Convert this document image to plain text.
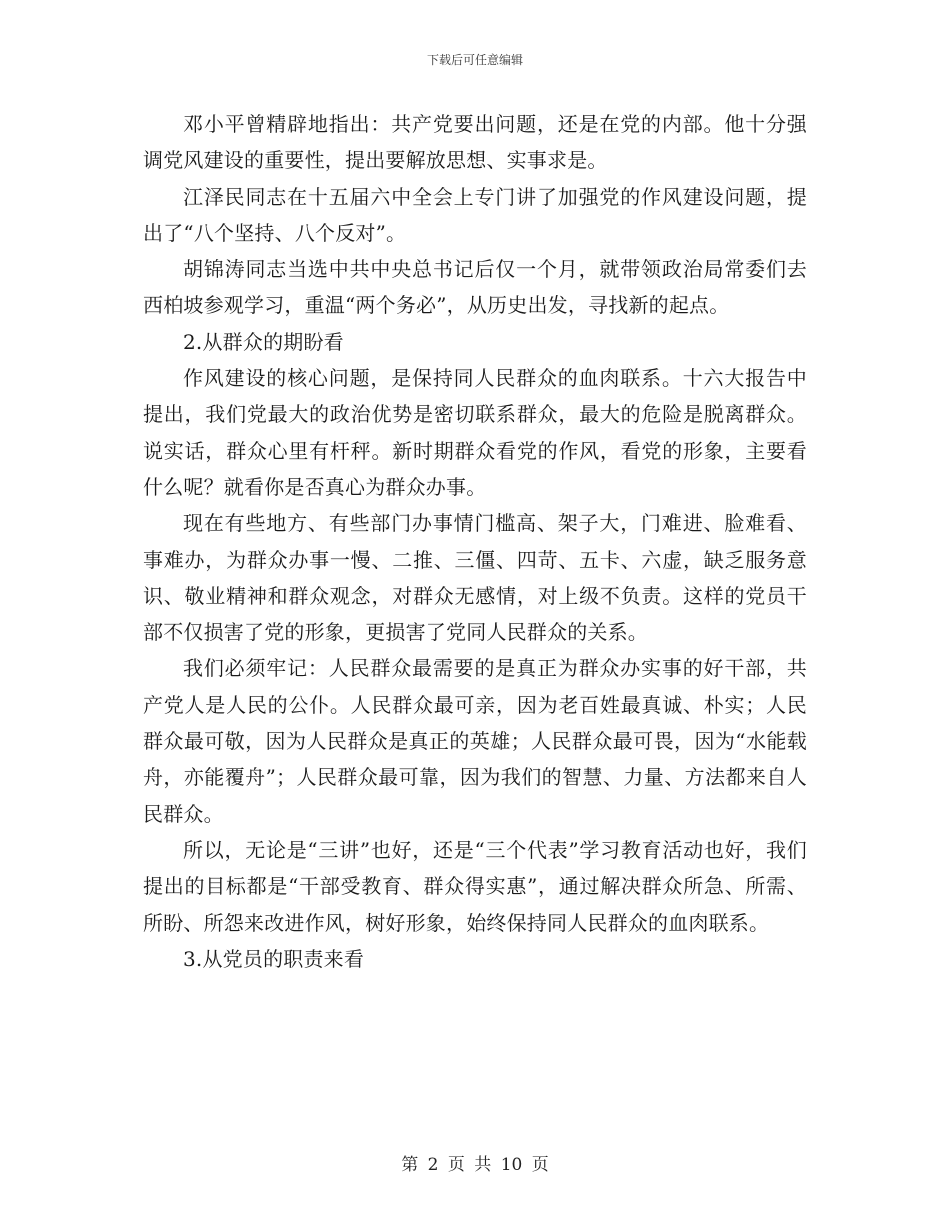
下载后可任意编辑

邓小平曾精辟地指出：共产党要出问题，还是在党的内部。他十分强调党风建设的重要性，提出要解放思想、实事求是。

江泽民同志在十五届六中全会上专门讲了加强党的作风建设问题，提出了“八个坚持、八个反对”。

胡锦涛同志当选中共中央总书记后仅一个月，就带领政治局常委们去西柏坡参观学习，重温“两个务必”，从历史出发，寻找新的起点。

2.从群众的期盼看

作风建设的核心问题，是保持同人民群众的血肉联系。十六大报告中提出，我们党最大的政治优势是密切联系群众，最大的危险是脱离群众。说实话，群众心里有杆秤。新时期群众看党的作风，看党的形象，主要看什么呢？就看你是否真心为群众办事。

现在有些地方、有些部门办事情门槛高、架子大，门难进、脸难看、事难办，为群众办事一慢、二推、三僵、四苛、五卡、六虚，缺乏服务意识、敬业精神和群众观念，对群众无感情，对上级不负责。这样的党员干部不仅损害了党的形象，更损害了党同人民群众的关系。

我们必须牢记：人民群众最需要的是真正为群众办实事的好干部，共产党人是人民的公仆。人民群众最可亲，因为老百姓最真诚、朴实；人民群众最可敬，因为人民群众是真正的英雄；人民群众最可畏，因为“水能载舟，亦能覆舟”；人民群众最可靠，因为我们的智慧、力量、方法都来自人民群众。

所以，无论是“三讲”也好，还是“三个代表”学习教育活动也好，我们提出的目标都是“干部受教育、群众得实惠”，通过解决群众所急、所需、所盼、所怨来改进作风，树好形象，始终保持同人民群众的血肉联系。

3.从党员的职责来看

第 2 页 共 10 页
